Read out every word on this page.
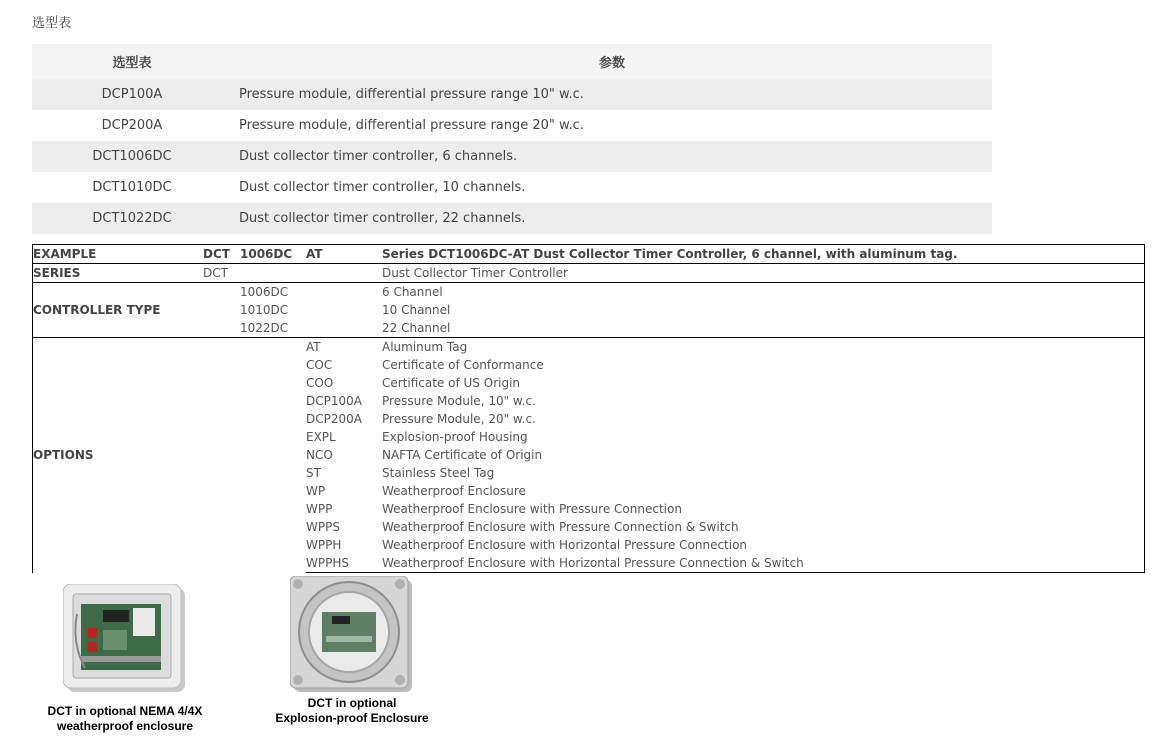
选型表
选型表	参数
DCP100A	Pressure module, differential pressure range 10" w.c.
DCP200A	Pressure module, differential pressure range 20" w.c.
DCT1006DC	Dust collector timer controller, 6 channels.
DCT1010DC	Dust collector timer controller, 10 channels.
DCT1022DC	Dust collector timer controller, 22 channels.
EXAMPLE	DCT	1006DC	AT	Series DCT1006DC-AT Dust Collector Timer Controller, 6 channel, with aluminum tag.
SERIES	DCT			Dust Collector Timer Controller
CONTROLLER TYPE		1006DC		6 Channel
		1010DC		10 Channel
		1022DC		22 Channel
OPTIONS			AT	Aluminum Tag
			COC	Certificate of Conformance
			COO	Certificate of US Origin
			DCP100A	Pressure Module, 10" w.c.
			DCP200A	Pressure Module, 20" w.c.
			EXPL	Explosion-proof Housing
			NCO	NAFTA Certificate of Origin
			ST	Stainless Steel Tag
			WP	Weatherproof Enclosure
			WPP	Weatherproof Enclosure with Pressure Connection
			WPPS	Weatherproof Enclosure with Pressure Connection & Switch
			WPPH	Weatherproof Enclosure with Horizontal Pressure Connection
			WPPHS	Weatherproof Enclosure with Horizontal Pressure Connection & Switch
DCT in optional NEMA 4/4X
weatherproof enclosure
DCT in optional
Explosion-proof Enclosure
